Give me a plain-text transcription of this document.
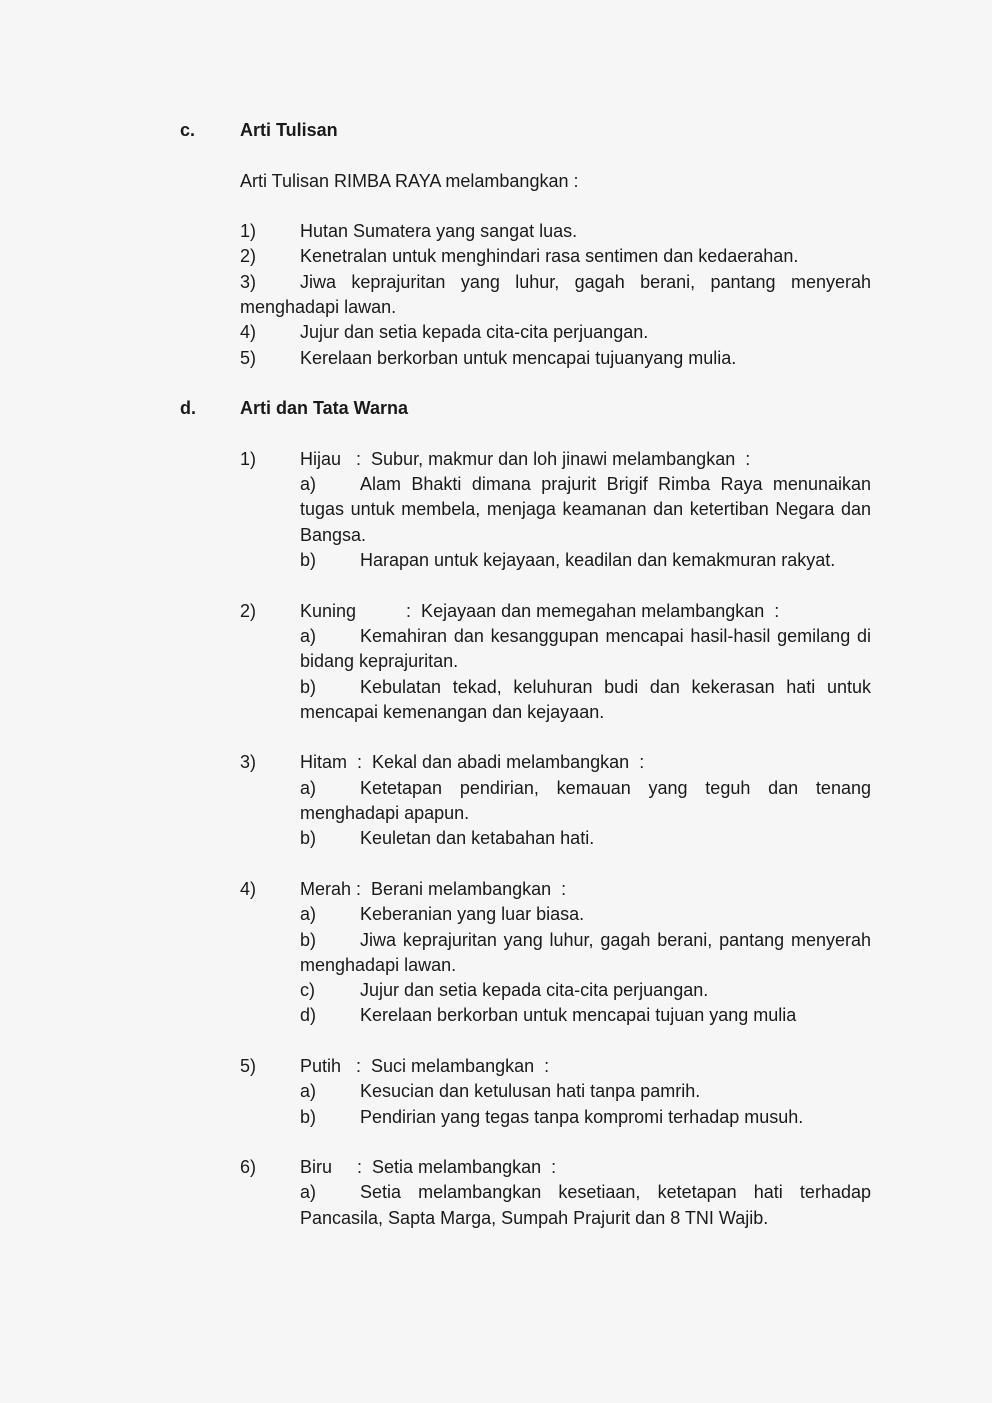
c. Arti Tulisan
Arti Tulisan RIMBA RAYA melambangkan :
1) Hutan Sumatera yang sangat luas.
2) Kenetralan untuk menghindari rasa sentimen dan kedaerahan.
3) Jiwa keprajuritan yang luhur, gagah berani, pantang menyerah menghadapi lawan.
4) Jujur dan setia kepada cita-cita perjuangan.
5) Kerelaan berkorban untuk mencapai tujuanyang mulia.
d. Arti dan Tata Warna
1) Hijau   :  Subur, makmur dan loh jinawi melambangkan  :
a) Alam Bhakti dimana prajurit Brigif Rimba Raya menunaikan tugas untuk membela, menjaga keamanan dan ketertiban Negara dan Bangsa.
b) Harapan untuk kejayaan, keadilan dan kemakmuran rakyat.
2) Kuning          :  Kejayaan dan memegahan melambangkan  :
a) Kemahiran dan kesanggupan mencapai hasil-hasil gemilang di bidang keprajuritan.
b) Kebulatan tekad, keluhuran budi dan kekerasan hati untuk mencapai kemenangan dan kejayaan.
3) Hitam  :  Kekal dan abadi melambangkan  :
a) Ketetapan pendirian, kemauan yang teguh dan tenang menghadapi apapun.
b) Keuletan dan ketabahan hati.
4) Merah :  Berani melambangkan  :
a) Keberanian yang luar biasa.
b) Jiwa keprajuritan yang luhur, gagah berani, pantang menyerah menghadapi lawan.
c)	Jujur dan setia kepada cita-cita perjuangan.
d) Kerelaan berkorban untuk mencapai tujuan yang mulia
5) Putih   :  Suci melambangkan  :
a) Kesucian dan ketulusan hati tanpa pamrih.
b) Pendirian yang tegas tanpa kompromi terhadap musuh.
6) Biru     :  Setia melambangkan  :
a) Setia melambangkan kesetiaan, ketetapan hati terhadap Pancasila, Sapta Marga, Sumpah Prajurit dan 8 TNI Wajib.
